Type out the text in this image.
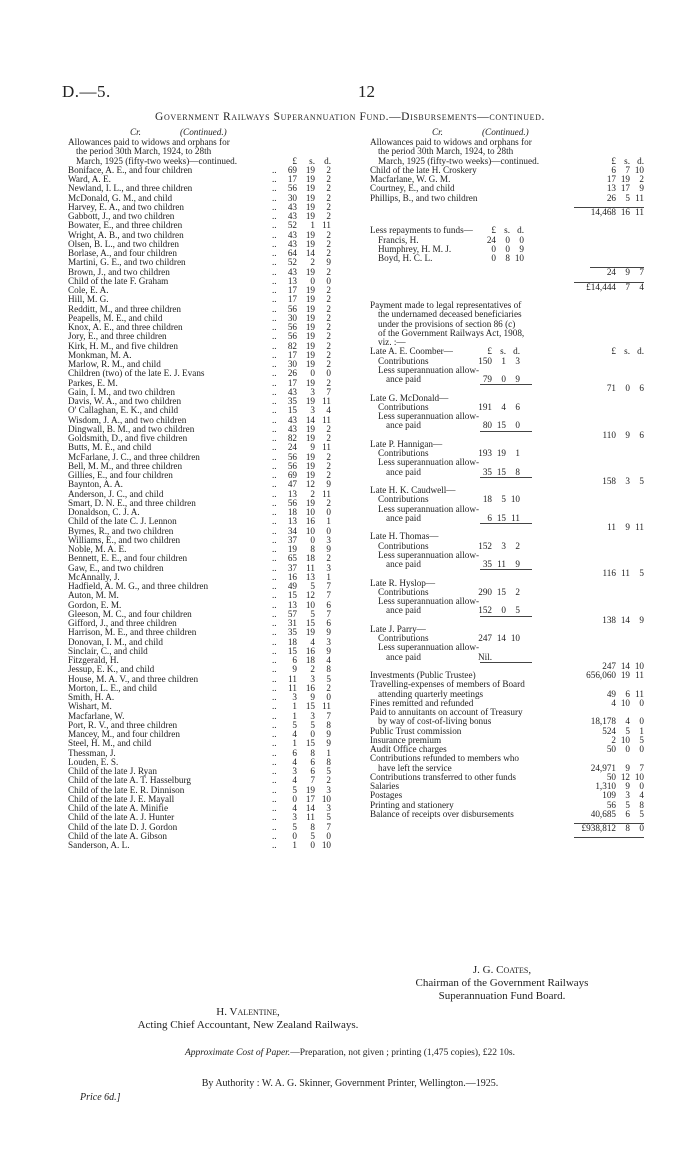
D.—5.	12
Government Railways Superannuation Fund.—Disbursements—continued.
Cr.	(Continued.)
Allowances paid to widows and orphans for
the period 30th March, 1924, to 28th
March, 1925 (fifty-two weeks)—continued.	£	s. d.
Boniface, A. E., and four children	..	69 19	2
Ward, A. E.	..	17 19	2
Newland, I. L., and three children	..	56 19	2
McDonald, G. M., and child	..	30 19	2
Harvey, E. A., and two children	..	43 19	2
Gabbott, J., and two children	..	43 19	2
Bowater, E., and three children	..	52	1 11
Wright, A. B., and two children	..	43 19	2
Olsen, B. L., and two children	..	43 19	2
Borlase, A., and four children	..	64 14	2
Martini, G. E., and two children	..	52	2	9
Brown, J., and two children	..	43 19	2
Child of the late F. Graham	..	13	0	0
Cole, E. A.	..	17 19	2
Hill, M. G.	..	17 19	2
Redditt, M., and three children	..	56 19	2
Peapells, M. E., and child	..	30 19	2
Knox, A. E., and three children	..	56 19	2
Jory, E., and three children	..	56 19	2
Kirk, H. M., and five children	..	82 19	2
Monkman, M. A.	..	17 19	2
Marlow, R. M., and child	..	30 19	2
Children (two) of the late E. J. Evans	..	26	0	0
Parkes, E. M.	..	17 19	2
Gain, I. M., and two children	..	43	3	7
Davis, W. A., and two children	..	35 19 11
O' Callaghan, E. K., and child	..	15	3	4
Wisdom, J. A., and two children	..	43 14 11
Dingwall, B. M., and two children	..	43 19	2
Goldsmith, D., and five children	..	82 19	2
Butts, M. E., and child	..	24	9 11
McFarlane, J. C., and three children	..	56 19	2
Bell, M. M., and three children	..	56 19	2
Gillies, E., and four children	..	69 19	2
Baynton, A. A.	..	47 12	9
Anderson, J. C., and child	..	13	2 11
Smart, D. N. E., and three children	..	56 19	2
Donaldson, C. J. A.	..	18 10	0
Child of the late C. J. Lennon	..	13 16	1
Byrnes, R., and two children	..	34 10	0
Williams, E., and two children	..	37	0	3
Noble, M. A. E.	..	19	8	9
Bennett, E. E., and four children	..	65 18	2
Gaw, E., and two children	..	37 11	3
McAnnally, J.	..	16 13	1
Hadfield, A. M. G., and three children	..	49	5	7
Auton, M. M.	..	15 12	7
Gordon, E. M.	..	13 10	6
Gleeson, M. C., and four children	..	57	5	7
Gifford, J., and three children	..	31 15	6
Harrison, M. E., and three children	..	35 19	9
Donovan, I. M., and child	..	18	4	3
Sinclair, C., and child	..	15 16	9
Fitzgerald, H.	..	6 18	4
Jessup, E. K., and child	..	9	2	8
House, M. A. V., and three children	..	11	3	5
Morton, L. E., and child	..	11 16	2
Smith, H. A.	..	3	9	0
Wishart, M.	..	1 15 11
Macfarlane, W.	..	1	3	7
Port, R. V., and three children	..	5	5	8
Mancey, M., and four children	..	4	0	9
Steel, H. M., and child	..	1 15	9
Thessman, J.	..	6	8	1
Louden, E. S.	..	4	6	8
Child of the late J. Ryan	..	3	6	5
Child of the late A. T. Hasselburg	..	4	7	2
Child of the late E. R. Dinnison	..	5 19	3
Child of the late J. E. Mayall	..	0 17 10
Child of the late A. Minifie	..	4 14	3
Child of the late A. J. Hunter	..	3 11	5
Child of the late D. J. Gordon	..	5	8	7
Child of the late A. Gibson	..	0	5	0
Sanderson, A. L.	..	1	0 10
Cr.	(Continued.)
Allowances paid to widows and orphans for
the period 30th March, 1924, to 28th
March, 1925 (fifty-two weeks)—continued.	£ s. d.
Child of the late H. Croskery	6	7 10
Macfarlane, W. G. M.	17 19	2
Courtney, E., and child	13 17	9
Phillips, B., and two children	26	5 11
14,468 16 11
Less repayments to funds—	£ s. d.
Francis, H.	24	0	0
Humphrey, H. M. J.	0	0	9
Boyd, H. C. L.	0	8 10
24	9	7
£14,444	7	4
Payment made to legal representatives of
the undernamed deceased beneficiaries
under the provisions of section 86 (c)
of the Government Railways Act, 1908,
viz. :—
Late A. E. Coomber—	£ s. d.	£ s. d.
Contributions	150	1	3
Less superannuation allow-
ance paid	79	0	9
71	0	6
Late G. McDonald—
Contributions	191	4	6
Less superannuation allow-
ance paid	80 15	0
110	9	6
Late P. Hannigan—
Contributions	193 19	1
Less superannuation allow-
ance paid	35 15	8
158	3	5
Late H. K. Caudwell—
Contributions	18	5 10
Less superannuation allow-
ance paid	6 15 11
11	9 11
Late H. Thomas—
Contributions	152	3	2
Less superannuation allow-
ance paid	35 11	9
116 11	5
Late R. Hyslop—
Contributions	290 15	2
Less superannuation allow-
ance paid	152	0	5
138 14	9
Late J. Parry—
Contributions	247 14 10
Less superannuation allow-
ance paid	Nil.
247 14 10
Investments (Public Trustee)	656,060 19 11
Travelling-expenses of members of Board
attending quarterly meetings	49	6 11
Fines remitted and refunded	4 10	0
Paid to annuitants on account of Treasury
by way of cost-of-living bonus	18,178	4	0
Public Trust commission	524	5	1
Insurance premium	2 10	5
Audit Office charges	50	0	0
Contributions refunded to members who
have left the service	24,971	9	7
Contributions transferred to other funds	50 12 10
Salaries	1,310	9	0
Postages	109	3	4
Printing and stationery	56	5	8
Balance of receipts over disbursements	40,685	6	5
£938,812	8	0
J. G. Coates,
Chairman of the Government Railways
Superannuation Fund Board.
H. Valentine,
Acting Chief Accountant, New Zealand Railways.
Approximate Cost of Paper.—Preparation, not given ; printing (1,475 copies), £22 10s.
By Authority : W. A. G. Skinner, Government Printer, Wellington.—1925.
Price 6d.]
